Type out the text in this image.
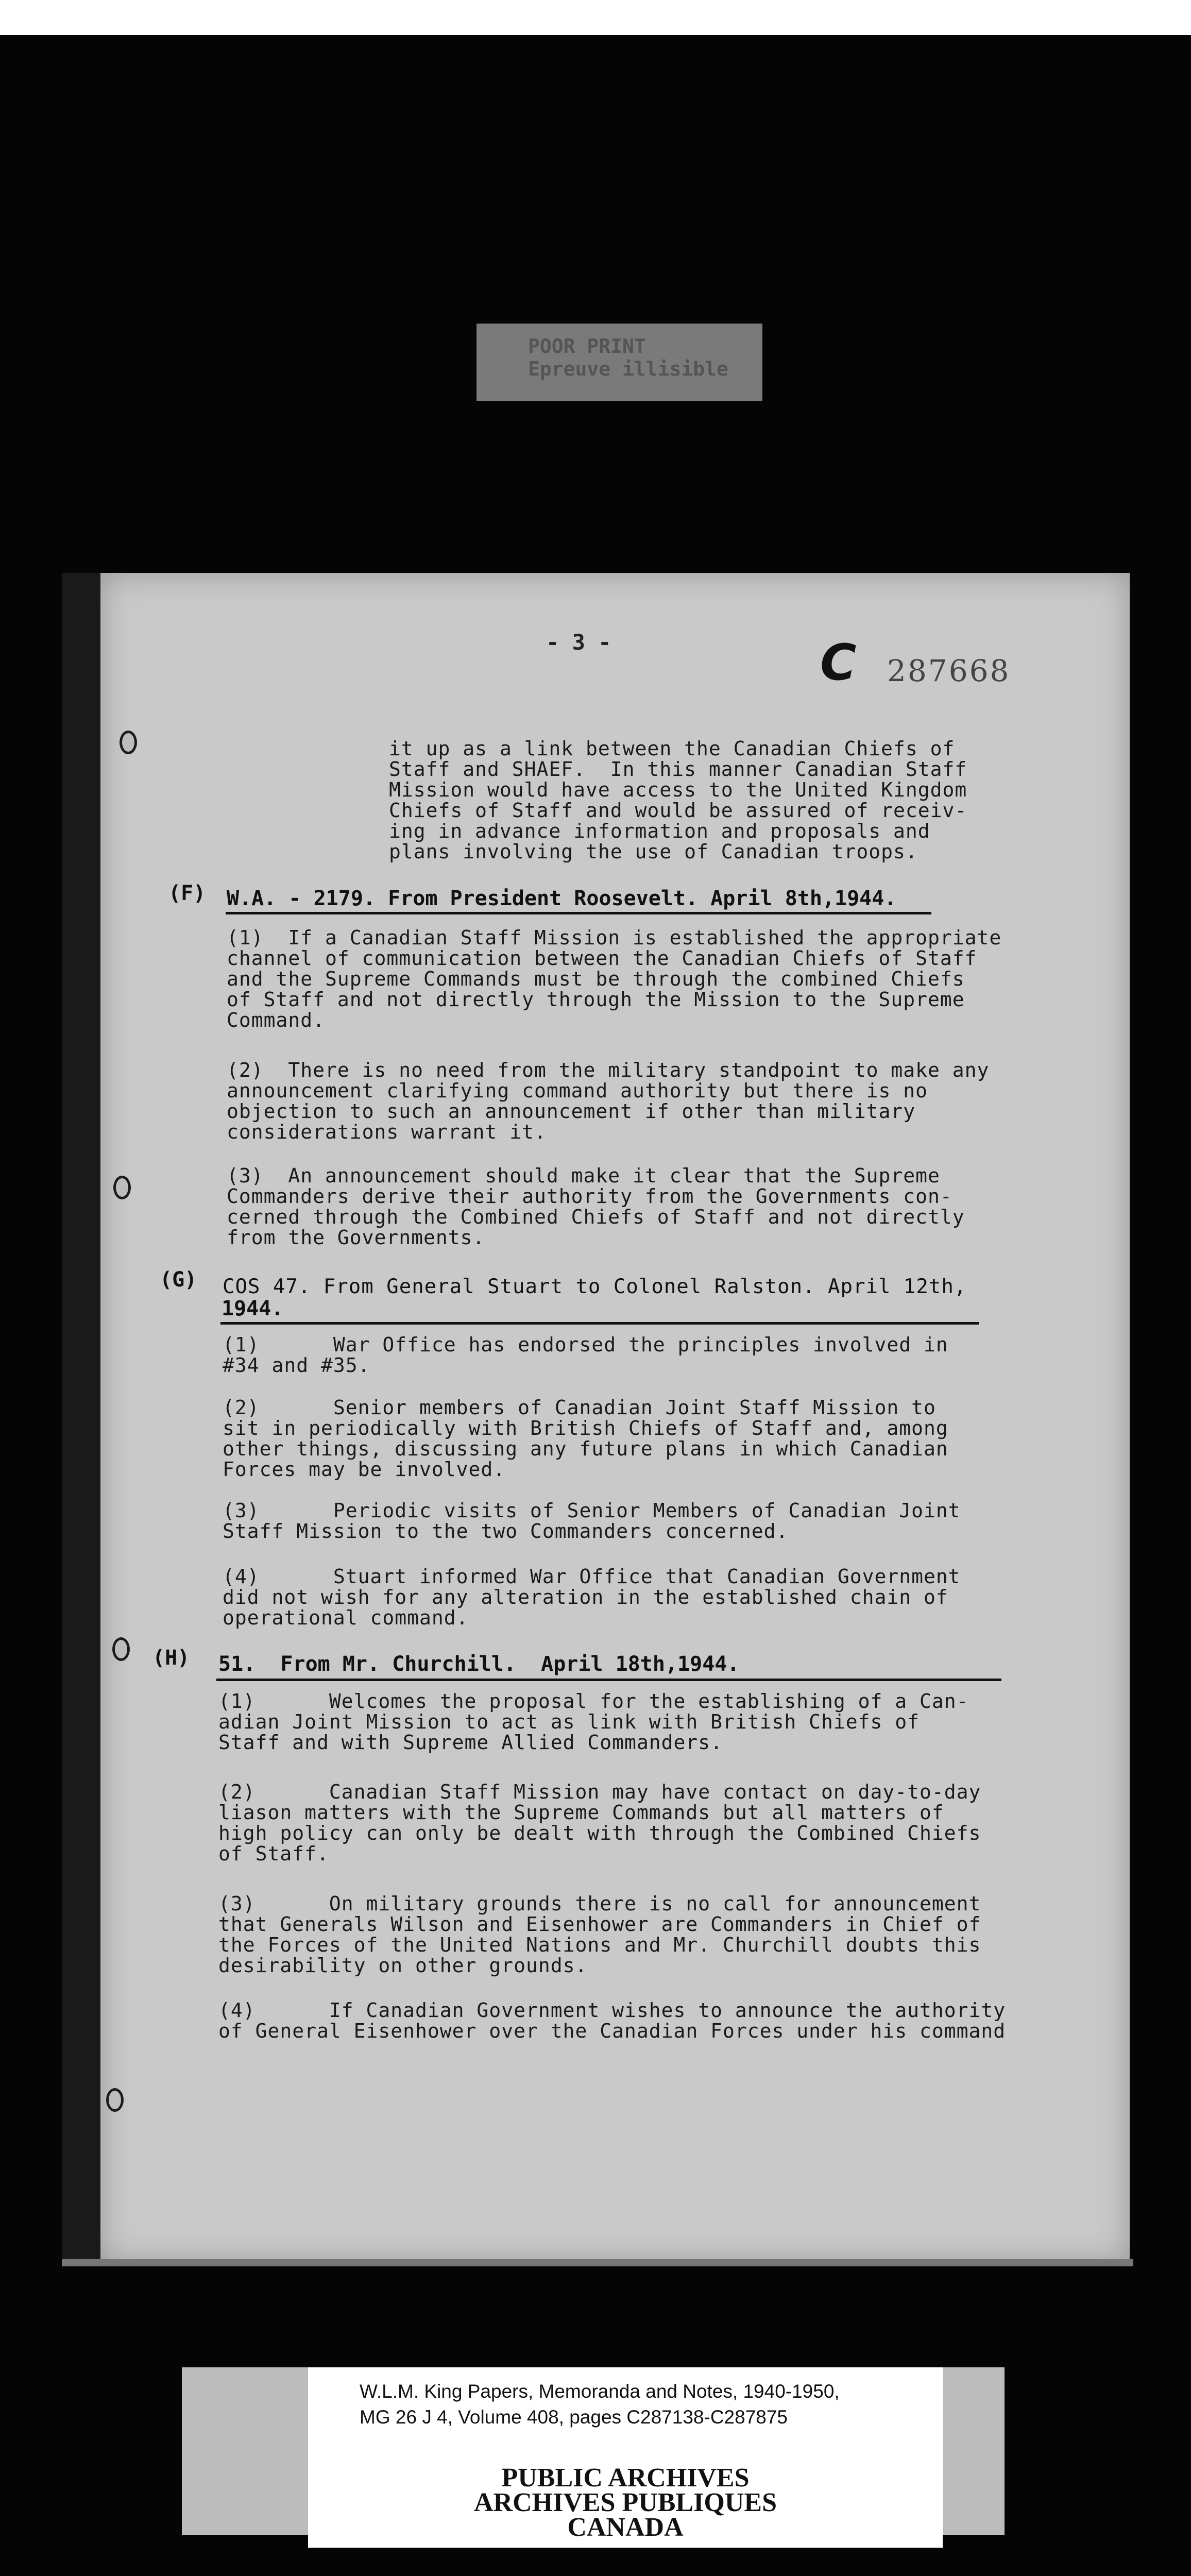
POOR PRINT
Epreuve illisible
- 3 -	C 287668
it up as a link between the Canadian Chiefs of
Staff and SHAEF.  In this manner Canadian Staff
Mission would have access to the United Kingdom
Chiefs of Staff and would be assured of receiv-
ing in advance information and proposals and
plans involving the use of Canadian troops.
(F) W.A. - 2179. From President Roosevelt. April 8th,1944.
(1)  If a Canadian Staff Mission is established the appropriate
channel of communication between the Canadian Chiefs of Staff
and the Supreme Commands must be through the combined Chiefs
of Staff and not directly through the Mission to the Supreme
Command.
(2)  There is no need from the military standpoint to make any
announcement clarifying command authority but there is no
objection to such an announcement if other than military
considerations warrant it.
(3)  An announcement should make it clear that the Supreme
Commanders derive their authority from the Governments con-
cerned through the Combined Chiefs of Staff and not directly
from the Governments.
(G) COS 47. From General Stuart to Colonel Ralston. April 12th,
1944.
(1)      War Office has endorsed the principles involved in
#34 and #35.
(2)      Senior members of Canadian Joint Staff Mission to
sit in periodically with British Chiefs of Staff and, among
other things, discussing any future plans in which Canadian
Forces may be involved.
(3)      Periodic visits of Senior Members of Canadian Joint
Staff Mission to the two Commanders concerned.
(4)      Stuart informed War Office that Canadian Government
did not wish for any alteration in the established chain of
operational command.
(H) 51.  From Mr. Churchill.  April 18th,1944.
(1)      Welcomes the proposal for the establishing of a Can-
adian Joint Mission to act as link with British Chiefs of
Staff and with Supreme Allied Commanders.
(2)      Canadian Staff Mission may have contact on day-to-day
liason matters with the Supreme Commands but all matters of
high policy can only be dealt with through the Combined Chiefs
of Staff.
(3)      On military grounds there is no call for announcement
that Generals Wilson and Eisenhower are Commanders in Chief of
the Forces of the United Nations and Mr. Churchill doubts this
desirability on other grounds.
(4)      If Canadian Government wishes to announce the authority
of General Eisenhower over the Canadian Forces under his command
W.L.M. King Papers, Memoranda and Notes, 1940-1950,
MG 26 J 4, Volume 408, pages C287138-C287875
PUBLIC ARCHIVES
ARCHIVES PUBLIQUES
CANADA
